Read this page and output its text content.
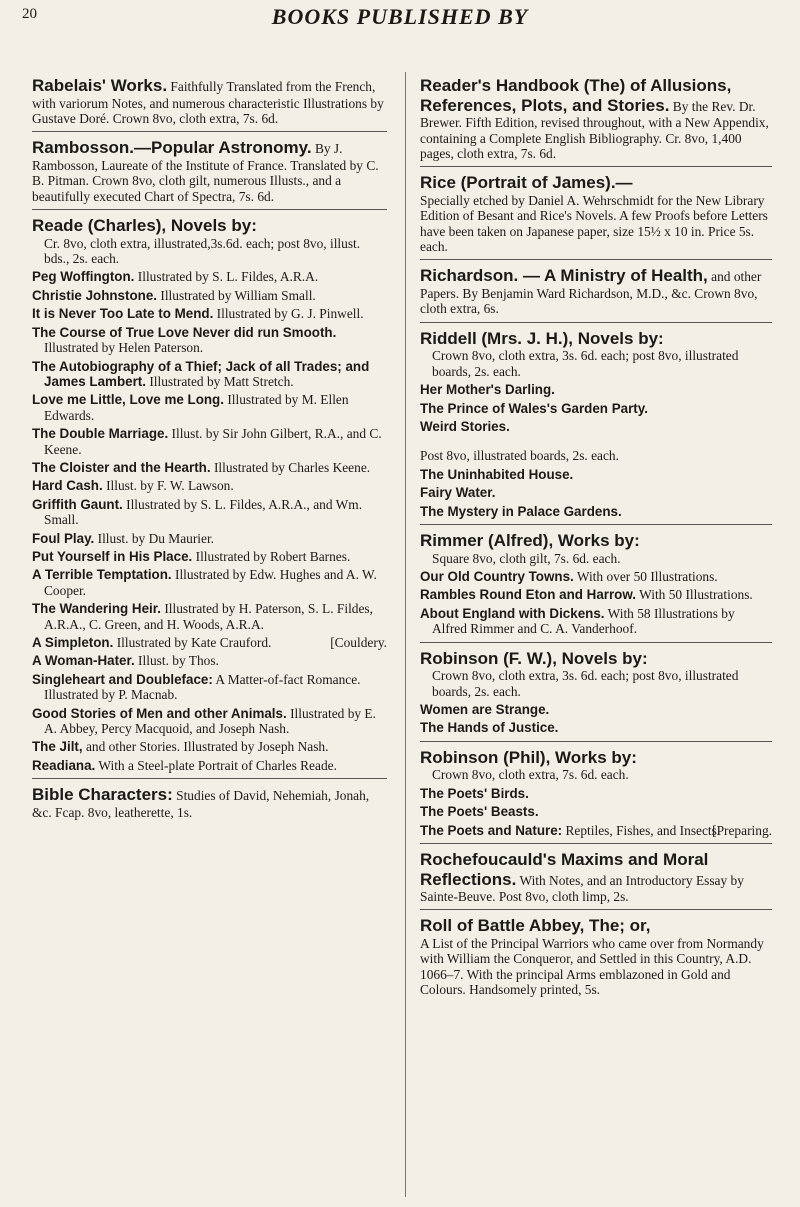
20	BOOKS PUBLISHED BY
Rabelais' Works. Faithfully Translated from the French, with variorum Notes, and numerous characteristic Illustrations by Gustave Doré. Crown 8vo, cloth extra, 7s. 6d.
Rambosson.—Popular Astronomy. By J. Rambosson, Laureate of the Institute of France. Translated by C. B. Pitman. Crown 8vo, cloth gilt, numerous Illusts., and a beautifully executed Chart of Spectra, 7s. 6d.
Reade (Charles), Novels by:
Cr. 8vo, cloth extra, illustrated,3s.6d. each; post 8vo, illust. bds., 2s. each.
Peg Woffington. Illustrated by S. L. Fildes, A.R.A.
Christie Johnstone. Illustrated by William Small.
It is Never Too Late to Mend. Illustrated by G. J. Pinwell.
The Course of True Love Never did run Smooth. Illustrated by Helen Paterson.
The Autobiography of a Thief; Jack of all Trades; and James Lambert. Illustrated by Matt Stretch.
Love me Little, Love me Long. Illustrated by M. Ellen Edwards.
The Double Marriage. Illust. by Sir John Gilbert, R.A., and C. Keene.
The Cloister and the Hearth. Illustrated by Charles Keene.
Hard Cash. Illust. by F. W. Lawson.
Griffith Gaunt. Illustrated by S. L. Fildes, A.R.A., and Wm. Small.
Foul Play. Illust. by Du Maurier.
Put Yourself in His Place. Illustrated by Robert Barnes.
A Terrible Temptation. Illustrated by Edw. Hughes and A. W. Cooper.
The Wandering Heir. Illustrated by H. Paterson, S. L. Fildes, A.R.A., C. Green, and H. Woods, A.R.A.
A Simpleton. Illustrated by Kate Crauford.	[Couldery.
A Woman-Hater. Illust. by Thos.
Singleheart and Doubleface: A Matter-of-fact Romance. Illustrated by P. Macnab.
Good Stories of Men and other Animals. Illustrated by E. A. Abbey, Percy Macquoid, and Joseph Nash.
The Jilt, and other Stories. Illustrated by Joseph Nash.
Readiana. With a Steel-plate Portrait of Charles Reade.
Bible Characters: Studies of David, Nehemiah, Jonah, &c. Fcap. 8vo, leatherette, 1s.
Reader's Handbook (The) of Allusions, References, Plots, and Stories. By the Rev. Dr. Brewer. Fifth Edition, revised throughout, with a New Appendix, containing a Complete English Bibliography. Cr. 8vo, 1,400 pages, cloth extra, 7s. 6d.
Rice (Portrait of James).—
Specially etched by Daniel A. Wehrschmidt for the New Library Edition of Besant and Rice's Novels. A few Proofs before Letters have been taken on Japanese paper, size 15½ x 10 in. Price 5s. each.
Richardson. — A Ministry of Health, and other Papers. By Benjamin Ward Richardson, M.D., &c. Crown 8vo, cloth extra, 6s.
Riddell (Mrs. J. H.), Novels by:
Crown 8vo, cloth extra, 3s. 6d. each; post 8vo, illustrated boards, 2s. each.
Her Mother's Darling.
The Prince of Wales's Garden Party.
Weird Stories.
Post 8vo, illustrated boards, 2s. each.
The Uninhabited House.
Fairy Water.
The Mystery in Palace Gardens.
Rimmer (Alfred), Works by:
Square 8vo, cloth gilt, 7s. 6d. each.
Our Old Country Towns. With over 50 Illustrations.
Rambles Round Eton and Harrow. With 50 Illustrations.
About England with Dickens. With 58 Illustrations by Alfred Rimmer and C. A. Vanderhoof.
Robinson (F. W.), Novels by:
Crown 8vo, cloth extra, 3s. 6d. each; post 8vo, illustrated boards, 2s. each.
Women are Strange.
The Hands of Justice.
Robinson (Phil), Works by:
Crown 8vo, cloth extra, 7s. 6d. each.
The Poets' Birds.
The Poets' Beasts.
The Poets and Nature: Reptiles, Fishes, and Insects.
[Preparing.
Rochefoucauld's Maxims and Moral Reflections. With Notes, and an Introductory Essay by Sainte-Beuve. Post 8vo, cloth limp, 2s.
Roll of Battle Abbey, The; or,
A List of the Principal Warriors who came over from Normandy with William the Conqueror, and Settled in this Country, A.D. 1066–7. With the principal Arms emblazoned in Gold and Colours. Handsomely printed, 5s.
